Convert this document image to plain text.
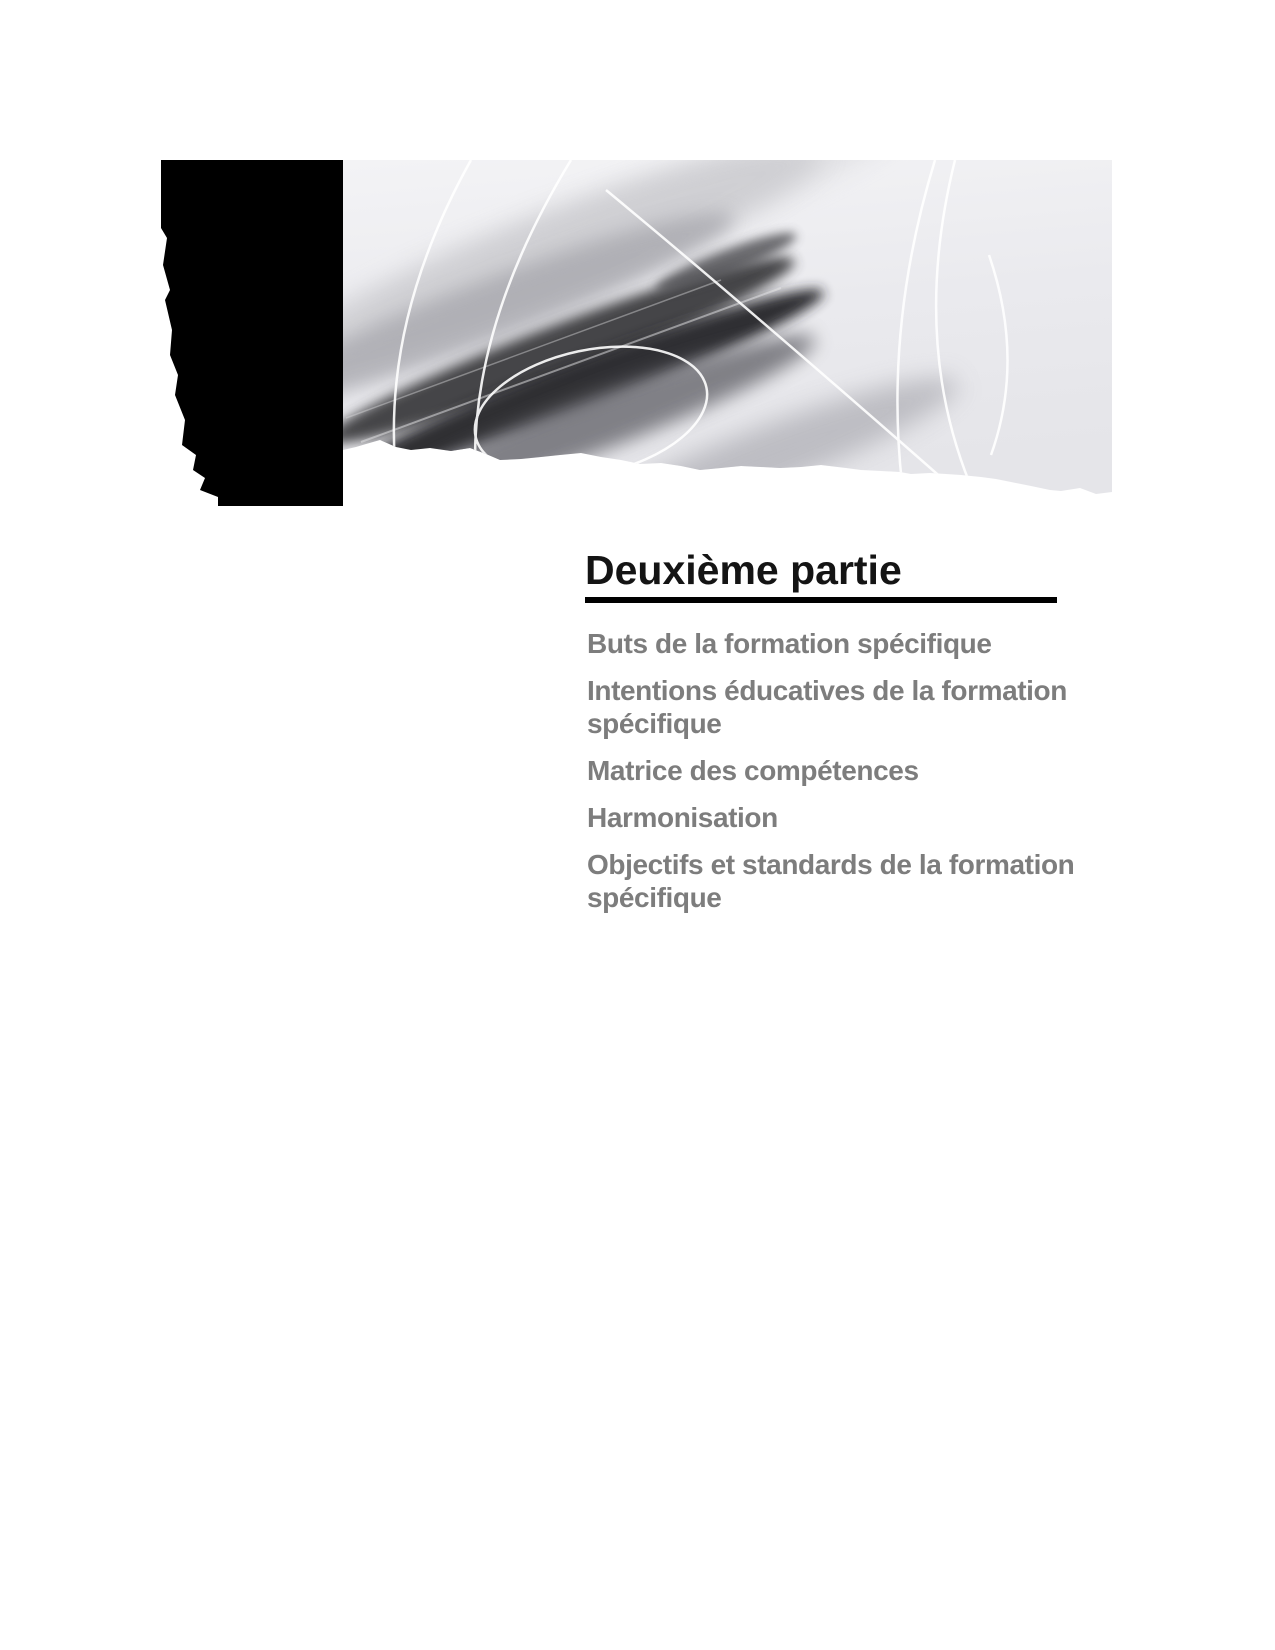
Deuxième partie
Buts de la formation spécifique
Intentions éducatives de la formation spécifique
Matrice des compétences
Harmonisation
Objectifs et standards de la formation spécifique
